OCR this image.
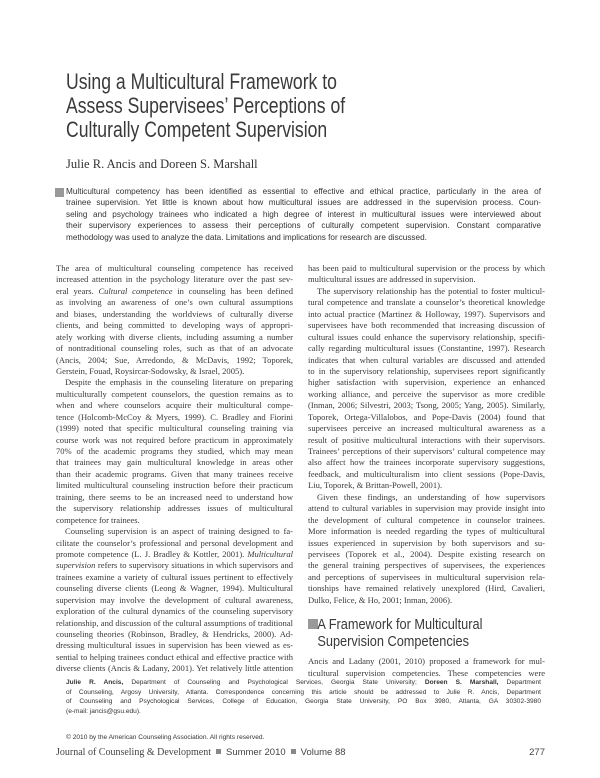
Using a Multicultural Framework to
Assess Supervisees’ Perceptions of
Culturally Competent Supervision
Julie R. Ancis and Doreen S. Marshall
Multicultural competency has been identified as essential to effective and ethical practice, particularly in the area of
trainee supervision. Yet little is known about how multicultural issues are addressed in the supervision process. Coun-
seling and psychology trainees who indicated a high degree of interest in multicultural issues were interviewed about
their supervisory experiences to assess their perceptions of culturally competent supervision. Constant comparative
methodology was used to analyze the data. Limitations and implications for research are discussed.
The area of multicultural counseling competence has received
increased attention in the psychology literature over the past sev-
eral years. Cultural competence in counseling has been defined
as involving an awareness of one’s own cultural assumptions
and biases, understanding the worldviews of culturally diverse
clients, and being committed to developing ways of appropri-
ately working with diverse clients, including assuming a number
of nontraditional counseling roles, such as that of an advocate
(Ancis, 2004; Sue, Arredondo, & McDavis, 1992; Toporek,
Gerstein, Fouad, Roysircar-Sodowsky, & Israel, 2005).
Despite the emphasis in the counseling literature on preparing
multiculturally competent counselors, the question remains as to
when and where counselors acquire their multicultural compe-
tence (Holcomb-McCoy & Myers, 1999). C. Bradley and Fiorini
(1999) noted that specific multicultural counseling training via
course work was not required before practicum in approximately
70% of the academic programs they studied, which may mean
that trainees may gain multicultural knowledge in areas other
than their academic programs. Given that many trainees receive
limited multicultural counseling instruction before their practicum
training, there seems to be an increased need to understand how
the supervisory relationship addresses issues of multicultural
competence for trainees.
Counseling supervision is an aspect of training designed to fa-
cilitate the counselor’s professional and personal development and
promote competence (L. J. Bradley & Kottler, 2001). Multicultural
supervision refers to supervisory situations in which supervisors and
trainees examine a variety of cultural issues pertinent to effectively
counseling diverse clients (Leong & Wagner, 1994). Multicultural
supervision may involve the development of cultural awareness,
exploration of the cultural dynamics of the counseling supervisory
relationship, and discussion of the cultural assumptions of traditional
counseling theories (Robinson, Bradley, & Hendricks, 2000). Ad-
dressing multicultural issues in supervision has been viewed as es-
sential to helping trainees conduct ethical and effective practice with
diverse clients (Ancis & Ladany, 2001). Yet relatively little attention
has been paid to multicultural supervision or the process by which
multicultural issues are addressed in supervision.
The supervisory relationship has the potential to foster multicul-
tural competence and translate a counselor’s theoretical knowledge
into actual practice (Martinez & Holloway, 1997). Supervisors and
supervisees have both recommended that increasing discussion of
cultural issues could enhance the supervisory relationship, specifi-
cally regarding multicultural issues (Constantine, 1997). Research
indicates that when cultural variables are discussed and attended
to in the supervisory relationship, supervisees report significantly
higher satisfaction with supervision, experience an enhanced
working alliance, and perceive the supervisor as more credible
(Inman, 2006; Silvestri, 2003; Tsong, 2005; Yang, 2005). Similarly,
Toporek, Ortega-Villalobos, and Pope-Davis (2004) found that
supervisees perceive an increased multicultural awareness as a
result of positive multicultural interactions with their supervisors.
Trainees’ perceptions of their supervisors’ cultural competence may
also affect how the trainees incorporate supervisory suggestions,
feedback, and multiculturalism into client sessions (Pope-Davis,
Liu, Toporek, & Brittan-Powell, 2001).
Given these findings, an understanding of how supervisors
attend to cultural variables in supervision may provide insight into
the development of cultural competence in counselor trainees.
More information is needed regarding the types of multicultural
issues experienced in supervision by both supervisors and su-
pervisees (Toporek et al., 2004). Despite existing research on
the general training perspectives of supervisees, the experiences
and perceptions of supervisees in multicultural supervision rela-
tionships have remained relatively unexplored (Hird, Cavalieri,
Dulko, Felice, & Ho, 2001; Inman, 2006).
A Framework for Multicultural
Supervision Competencies
Ancis and Ladany (2001, 2010) proposed a framework for mul-
ticultural supervision competencies. These competencies were
Julie R. Ancis, Department of Counseling and Psychological Services, Georgia State University; Doreen S. Marshall, Department
of Counseling, Argosy University, Atlanta. Correspondence concerning this article should be addressed to Julie R. Ancis, Department
of Counseling and Psychological Services, College of Education, Georgia State University, PO Box 3980, Atlanta, GA 30302-3980
(e-mail: jancis@gsu.edu).
© 2010 by the American Counseling Association. All rights reserved.
Journal of Counseling & Development Summer 2010 Volume 88	277
